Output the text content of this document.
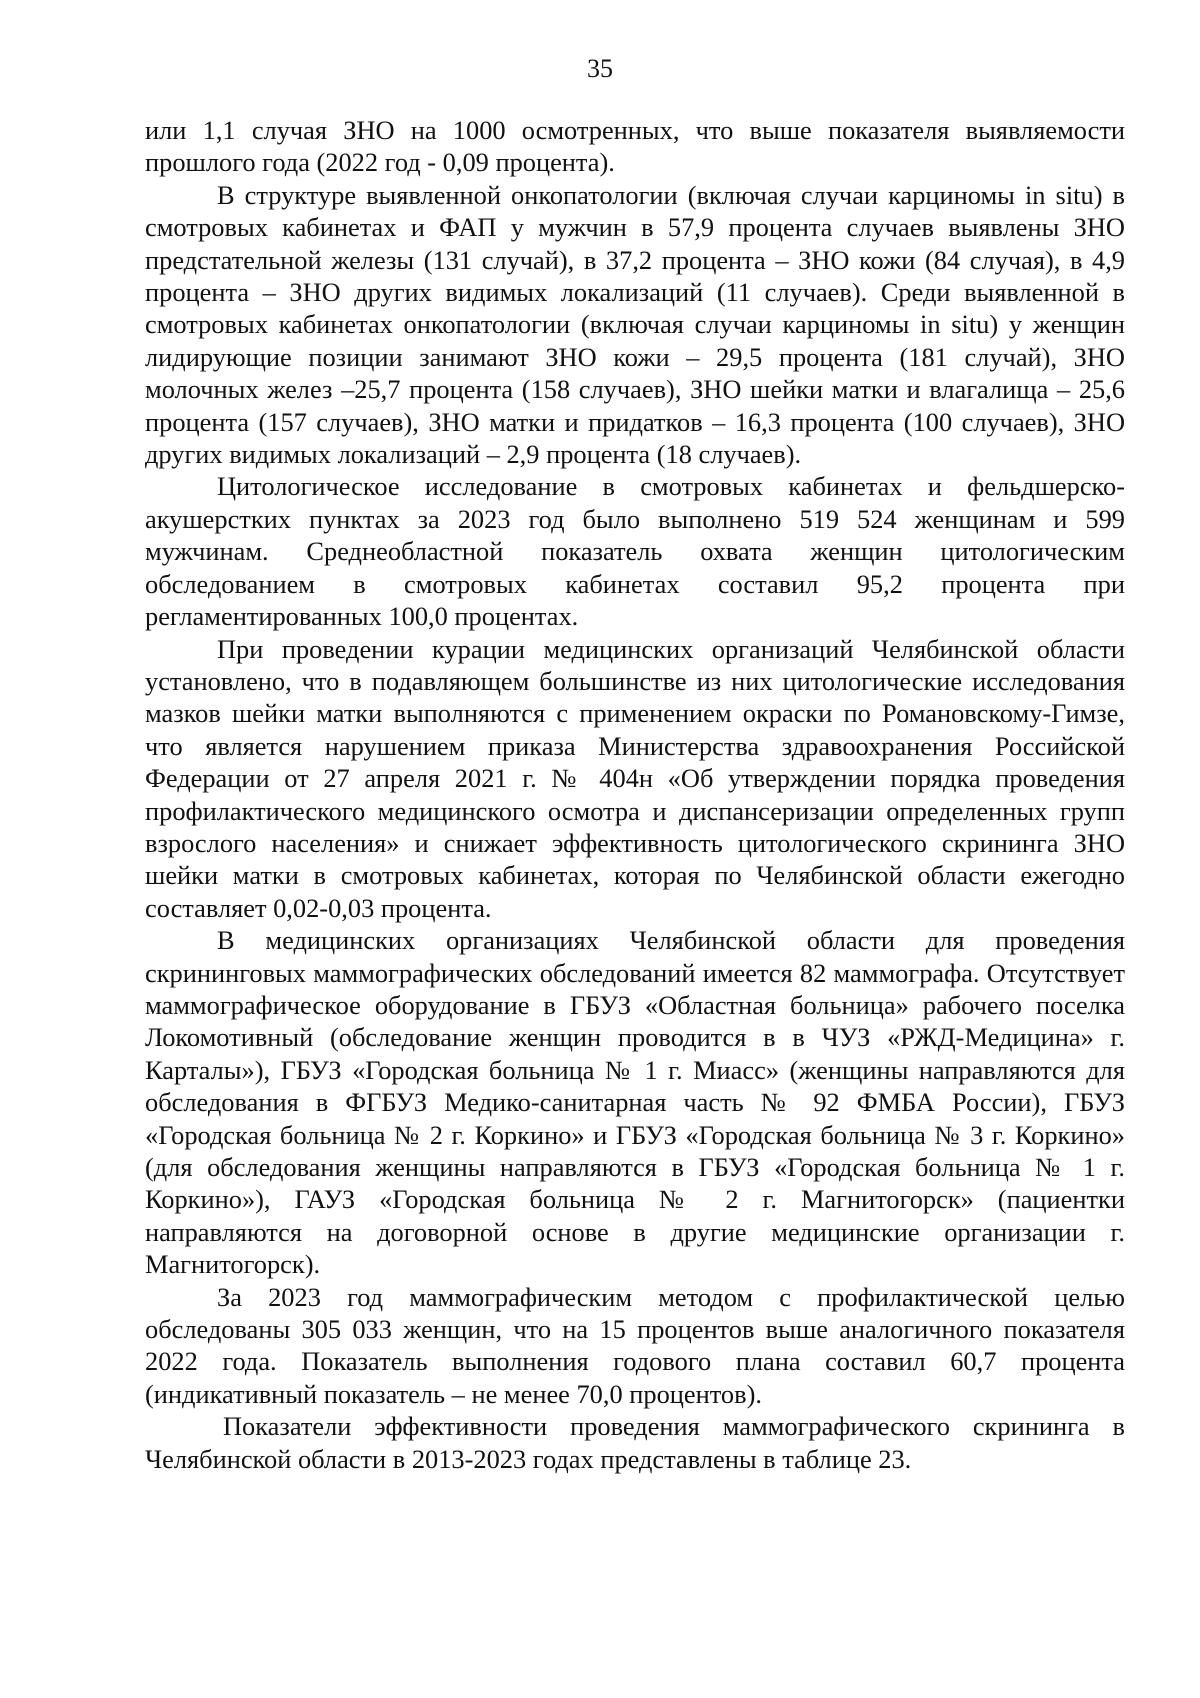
35

или 1,1 случая ЗНО на 1000 осмотренных, что выше показателя выявляемости прошлого года (2022 год - 0,09 процента).

В структуре выявленной онкопатологии (включая случаи карциномы in situ) в смотровых кабинетах и ФАП у мужчин в 57,9 процента случаев выявлены ЗНО предстательной железы (131 случай), в 37,2 процента – ЗНО кожи (84 случая), в 4,9 процента – ЗНО других видимых локализаций (11 случаев). Среди выявленной в смотровых кабинетах онкопатологии (включая случаи карциномы in situ) у женщин лидирующие позиции занимают ЗНО кожи – 29,5 процента (181 случай), ЗНО молочных желез –25,7 процента (158 случаев), ЗНО шейки матки и влагалища – 25,6 процента (157 случаев), ЗНО матки и придатков – 16,3 процента (100 случаев), ЗНО других видимых локализаций – 2,9 процента (18 случаев).

Цитологическое исследование в смотровых кабинетах и фельдшерско-акушерстких пунктах за 2023 год было выполнено 519 524 женщинам и 599 мужчинам. Среднеобластной показатель охвата женщин цитологическим обследованием в смотровых кабинетах составил 95,2 процента при регламентированных 100,0 процентах.

При проведении курации медицинских организаций Челябинской области установлено, что в подавляющем большинстве из них цитологические исследования мазков шейки матки выполняются с применением окраски по Романовскому-Гимзе, что является нарушением приказа Министерства здравоохранения Российской Федерации от 27 апреля 2021 г. № 404н «Об утверждении порядка проведения профилактического медицинского осмотра и диспансеризации определенных групп взрослого населения» и снижает эффективность цитологического скрининга ЗНО шейки матки в смотровых кабинетах, которая по Челябинской области ежегодно составляет 0,02-0,03 процента.

В медицинских организациях Челябинской области для проведения скрининговых маммографических обследований имеется 82 маммографа. Отсутствует маммографическое оборудование в ГБУЗ «Областная больница» рабочего поселка Локомотивный (обследование женщин проводится в в ЧУЗ «РЖД-Медицина» г. Карталы»), ГБУЗ «Городская больница № 1 г. Миасс» (женщины направляются для обследования в ФГБУЗ Медико-санитарная часть № 92 ФМБА России), ГБУЗ «Городская больница № 2 г. Коркино» и ГБУЗ «Городская больница № 3 г. Коркино» (для обследования женщины направляются в ГБУЗ «Городская больница № 1 г. Коркино»), ГАУЗ «Городская больница № 2 г. Магнитогорск» (пациентки направляются на договорной основе в другие медицинские организации г. Магнитогорск).

За 2023 год маммографическим методом с профилактической целью обследованы 305 033 женщин, что на 15 процентов выше аналогичного показателя 2022 года. Показатель выполнения годового плана составил 60,7 процента (индикативный показатель – не менее 70,0 процентов).

Показатели эффективности проведения маммографического скрининга в Челябинской области в 2013-2023 годах представлены в таблице 23.
